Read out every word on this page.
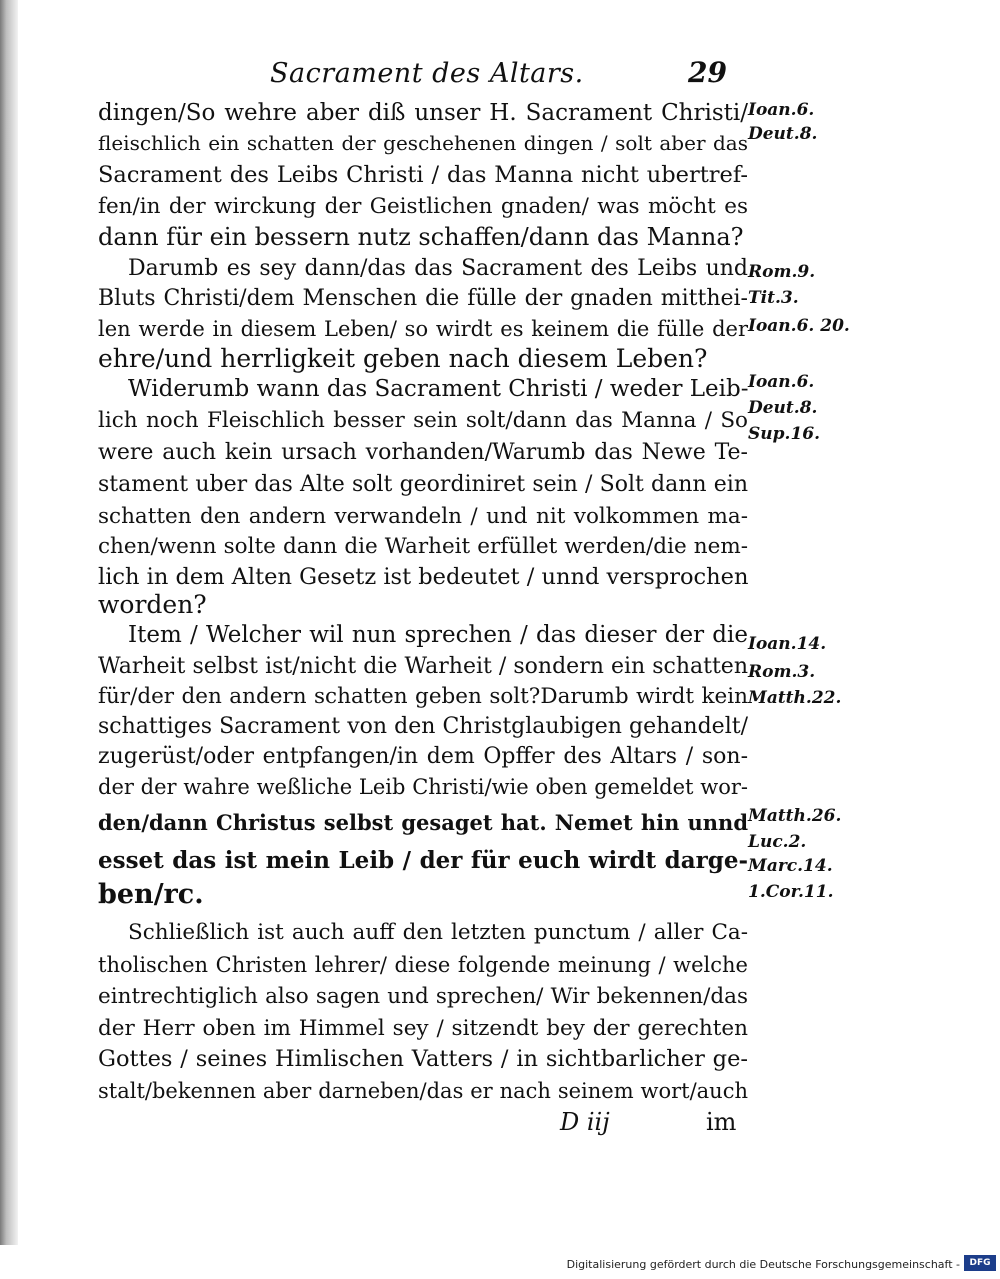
Sacrament des Altars.	29
dingen/So wehre aber diß unser H. Sacrament Christi/
fleischlich ein schatten der geschehenen dingen / solt aber das
Sacrament des Leibs Christi / das Manna nicht ubertref-
fen/in der wirckung der Geistlichen gnaden/ was möcht es
dann für ein bessern nutz schaffen/dann das Manna?
Darumb es sey dann/das das Sacrament des Leibs und
Bluts Christi/dem Menschen die fülle der gnaden mitthei-
len werde in diesem Leben/ so wirdt es keinem die fülle der
ehre/und herrligkeit geben nach diesem Leben?
Widerumb wann das Sacrament Christi / weder Leib-
lich noch Fleischlich besser sein solt/dann das Manna / So
were auch kein ursach vorhanden/Warumb das Newe Te-
stament uber das Alte solt geordiniret sein / Solt dann ein
schatten den andern verwandeln / und nit volkommen ma-
chen/wenn solte dann die Warheit erfüllet werden/die nem-
lich in dem Alten Gesetz ist bedeutet / unnd versprochen
worden?
Item / Welcher wil nun sprechen / das dieser der die
Warheit selbst ist/nicht die Warheit / sondern ein schatten
für/der den andern schatten geben solt?Darumb wirdt kein
schattiges Sacrament von den Christglaubigen gehandelt/
zugerüst/oder entpfangen/in dem Opffer des Altars / son-
der der wahre weßliche Leib Christi/wie oben gemeldet wor-
den/dann Christus selbst gesaget hat. Nemet hin unnd
esset das ist mein Leib / der für euch wirdt darge-
ben/rc.
Schließlich ist auch auff den letzten punctum / aller Ca-
tholischen Christen lehrer/ diese folgende meinung / welche
eintrechtiglich also sagen und sprechen/ Wir bekennen/das
der Herr oben im Himmel sey / sitzendt bey der gerechten
Gottes / seines Himlischen Vatters / in sichtbarlicher ge-
stalt/bekennen aber darneben/das er nach seinem wort/auch
Ioan.6.
Deut.8.
Rom.9.
Tit.3.
Ioan.6. 20.
Ioan.6.
Deut.8.
Sup.16.
Ioan.14.
Rom.3.
Matth.22.
Matth.26.
Luc.2.
Marc.14.
1.Cor.11.
D iij	im
Digitalisierung gefördert durch die Deutsche Forschungsgemeinschaft -	DFG
